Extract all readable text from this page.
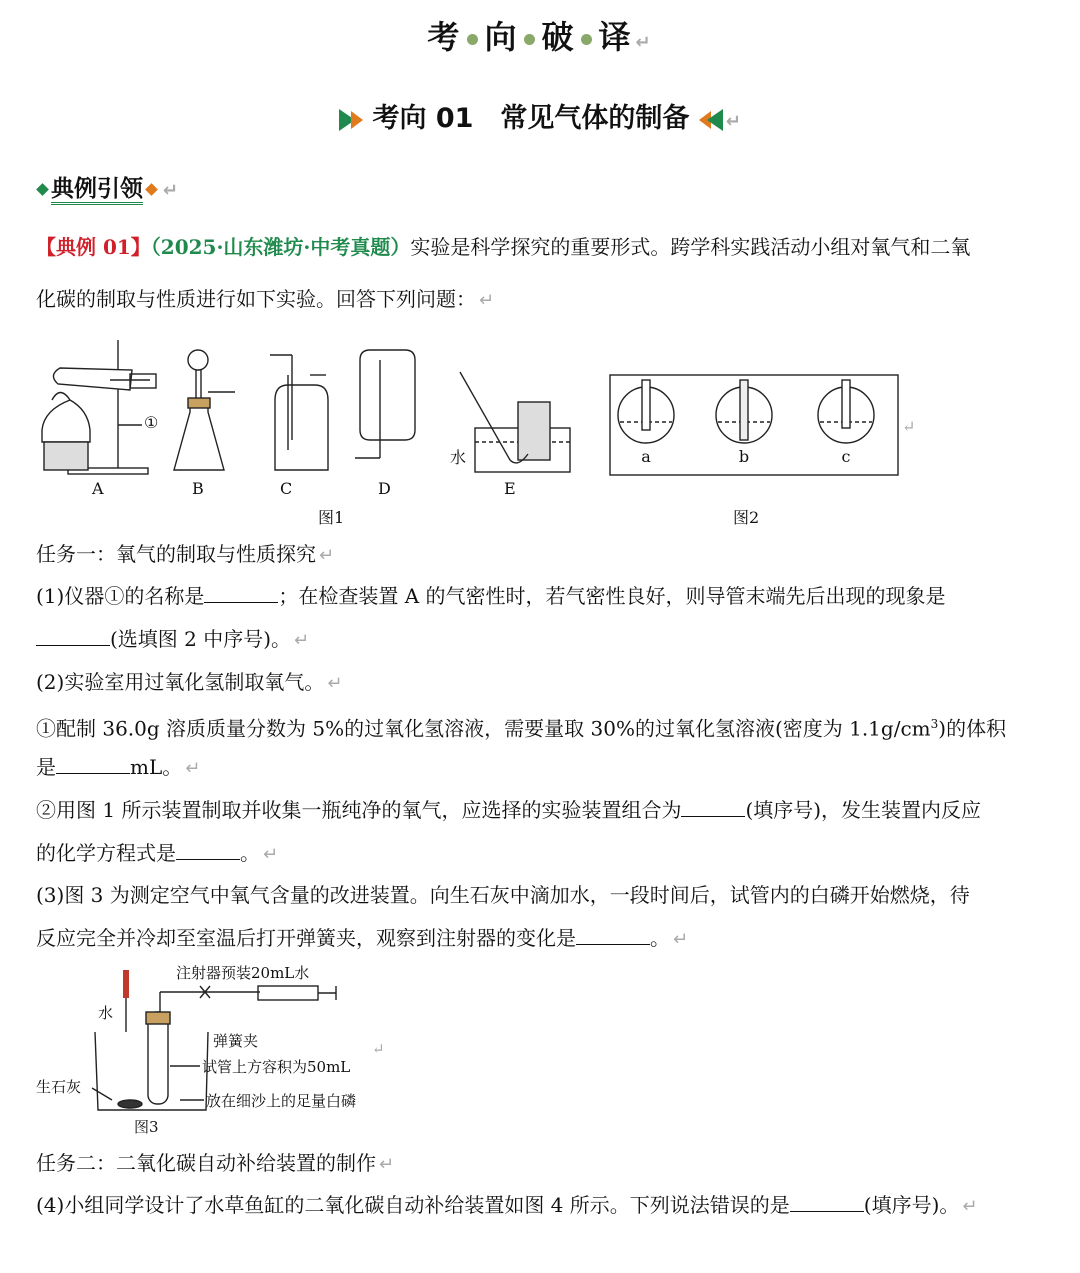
考 向 破 译 ↵
考向 01　常见气体的制备 ↵
典例引领 ↵
【典例 01】（2025·山东潍坊·中考真题）实验是科学探究的重要形式。跨学科实践活动小组对氧气和二氧
化碳的制取与性质进行如下实验。回答下列问题： ↵
①
水
A	B	C	D	E
a	b	c
图1	图2
↵
任务一：氧气的制取与性质探究 ↵
(1)仪器①的名称是	；在检查装置 A 的气密性时，若气密性良好，则导管末端先后出现的现象是
(选填图 2 中序号)。 ↵
(2)实验室用过氧化氢制取氧气。 ↵
①配制 36.0g 溶质质量分数为 5%的过氧化氢溶液，需要量取 30%的过氧化氢溶液(密度为 $1.1g/cm^3$)的体积
是	mL。 ↵
②用图 1 所示装置制取并收集一瓶纯净的氧气，应选择的实验装置组合为	(填序号)，发生装置内反应
的化学方程式是	。 ↵
(3)图 3 为测定空气中氧气含量的改进装置。向生石灰中滴加水，一段时间后，试管内的白磷开始燃烧，待
反应完全并冷却至室温后打开弹簧夹，观察到注射器的变化是	。 ↵
注射器预装20mL水
水
弹簧夹
试管上方容积为50mL
生石灰
放在细沙上的足量白磷
图3
↵
任务二：二氧化碳自动补给装置的制作 ↵
(4)小组同学设计了水草鱼缸的二氧化碳自动补给装置如图 4 所示。下列说法错误的是	(填序号)。 ↵
